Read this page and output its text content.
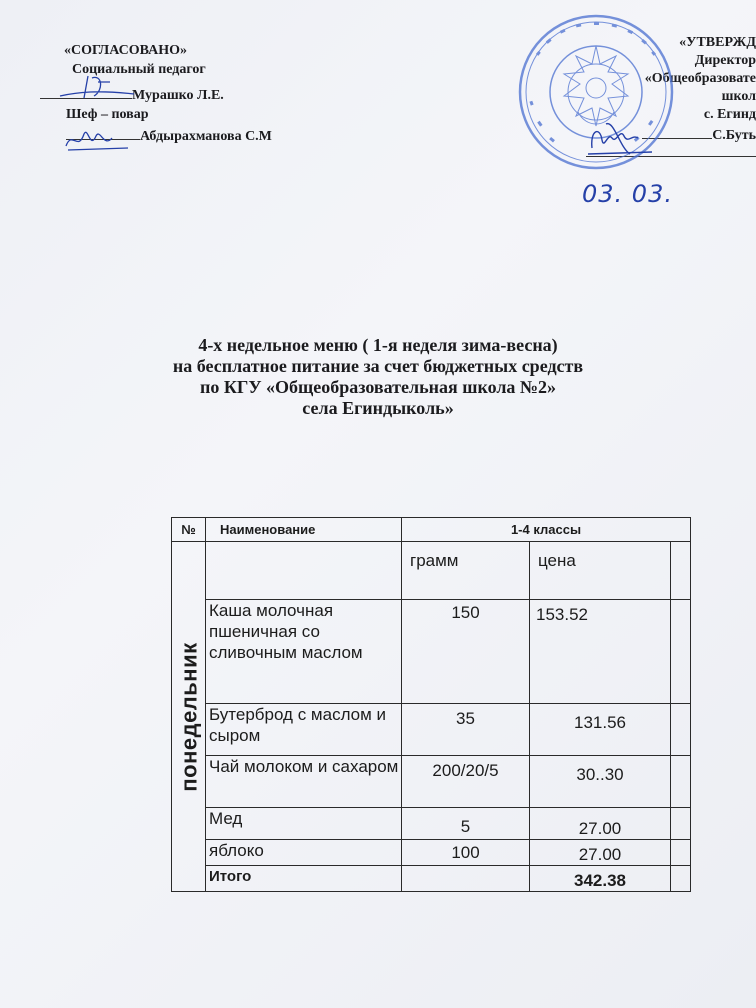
«СОГЛАСОВАНО»
Социальный педагог
Мурашко Л.Е.
Шеф – повар
Абдырахманова С.М
«УТВЕРЖД
Директор
«Общеобразовате
школ
с. Егинд
С.Буть
03. 03.
4-х недельное меню ( 1-я неделя зима-весна)
на бесплатное питание за счет бюджетных средств
по КГУ «Общеобразовательная школа №2»
села Егиндыколь»
№	Наименование	1-4 классы		

понедельник		грамм	цена	
	Каша молочная пшеничная со сливочным маслом	150	153.52	
	Бутерброд с маслом и сыром	35	131.56	
	Чай молоком и сахаром	200/20/5	30..30	
	Мед	5	27.00	
	яблоко	100	27.00	
	Итого		342.38	
